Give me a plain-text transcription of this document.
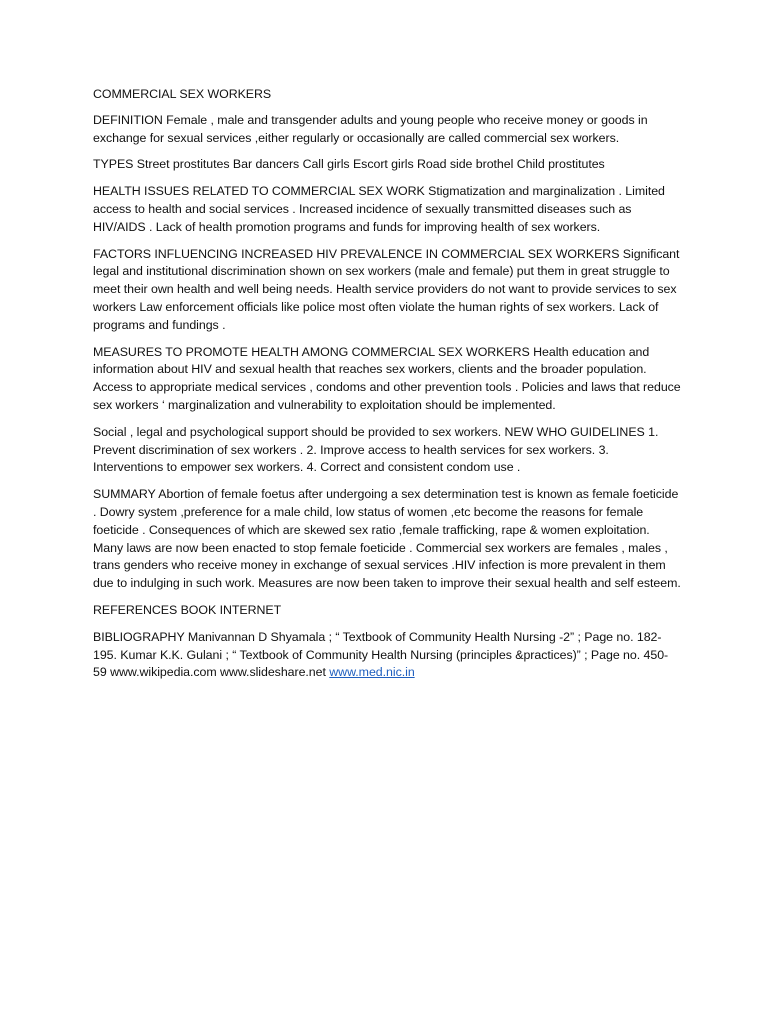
COMMERCIAL SEX WORKERS
DEFINITION Female , male and transgender adults and young people who receive money or goods in exchange for sexual services ,either regularly or occasionally are called commercial sex workers.
TYPES Street prostitutes Bar dancers Call girls Escort girls Road side brothel Child prostitutes
HEALTH ISSUES RELATED TO COMMERCIAL SEX WORK Stigmatization and marginalization . Limited access to health and social services . Increased incidence of sexually transmitted diseases such as HIV/AIDS . Lack of health promotion programs and funds for improving health of sex workers.
FACTORS INFLUENCING INCREASED HIV PREVALENCE IN COMMERCIAL SEX WORKERS Significant legal and institutional discrimination shown on sex workers (male and female) put them in great struggle to meet their own health and well being needs. Health service providers do not want to provide services to sex workers Law enforcement officials like police most often violate the human rights of sex workers. Lack of programs and fundings .
MEASURES TO PROMOTE HEALTH AMONG COMMERCIAL SEX WORKERS Health education and information about HIV and sexual health that reaches sex workers, clients and the broader population. Access to appropriate medical services , condoms and other prevention tools . Policies and laws that reduce sex workers ‘ marginalization and vulnerability to exploitation should be implemented.
Social , legal and psychological support should be provided to sex workers. NEW WHO GUIDELINES 1. Prevent discrimination of sex workers . 2. Improve access to health services for sex workers. 3. Interventions to empower sex workers. 4. Correct and consistent condom use .
SUMMARY Abortion of female foetus after undergoing a sex determination test is known as female foeticide . Dowry system ,preference for a male child, low status of women ,etc become the reasons for female foeticide . Consequences of which are skewed sex ratio ,female trafficking, rape & women exploitation. Many laws are now been enacted to stop female foeticide . Commercial sex workers are females , males , trans genders who receive money in exchange of sexual services .HIV infection is more prevalent in them due to indulging in such work. Measures are now been taken to improve their sexual health and self esteem.
REFERENCES BOOK INTERNET
BIBLIOGRAPHY Manivannan D Shyamala ; “ Textbook of Community Health Nursing -2” ; Page no. 182-195. Kumar K.K. Gulani ; “ Textbook of Community Health Nursing (principles &practices)” ; Page no. 450-59 www.wikipedia.com www.slideshare.net www.med.nic.in
